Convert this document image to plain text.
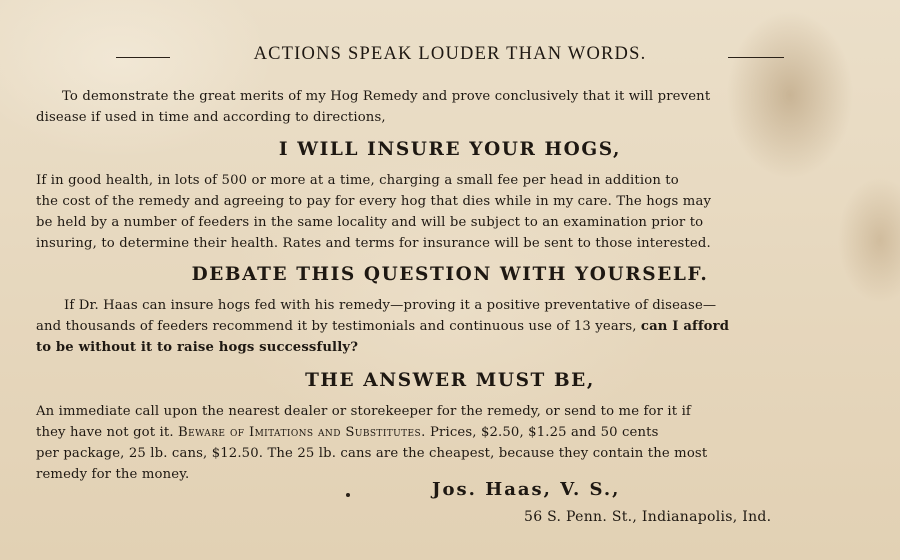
ACTIONS SPEAK LOUDER THAN WORDS.

To demonstrate the great merits of my Hog Remedy and prove conclusively that it will prevent

disease if used in time and according to directions,

I WILL INSURE YOUR HOGS,

If in good health, in lots of 500 or more at a time, charging a small fee per head in addition to

the cost of the remedy and agreeing to pay for every hog that dies while in my care. The hogs may

be held by a number of feeders in the same locality and will be subject to an examination prior to

insuring, to determine their health. Rates and terms for insurance will be sent to those interested.

DEBATE THIS QUESTION WITH YOURSELF.

If Dr. Haas can insure hogs fed with his remedy—proving it a positive preventative of disease—

and thousands of feeders recommend it by testimonials and continuous use of 13 years, can I afford

to be without it to raise hogs successfully?

THE ANSWER MUST BE,

An immediate call upon the nearest dealer or storekeeper for the remedy, or send to me for it if

they have not got it. Beware of Imitations and Substitutes. Prices, $2.50, $1.25 and 50 cents

per package, 25 lb. cans, $12.50. The 25 lb. cans are the cheapest, because they contain the most

remedy for the money.

Jos. Haas, V. S.,

56 S. Penn. St., Indianapolis, Ind.
